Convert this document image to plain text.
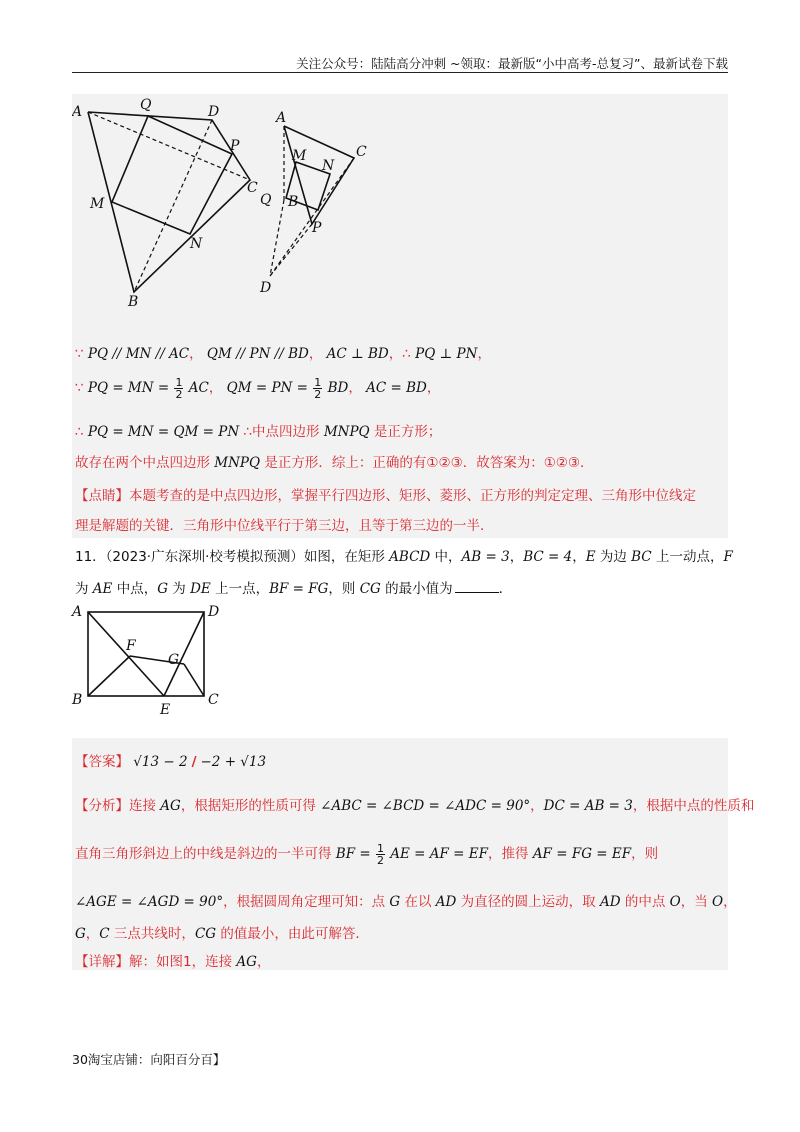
关注公众号：陆陆高分冲刺 ~领取：最新版“小中高考-总复习”、最新试卷下载
A	Q	D
P
C
M
N
B
A
M
N
C
Q B
P
D
∵ PQ // MN // AC， QM // PN // BD， AC ⊥ BD，∴ PQ ⊥ PN，
∵ PQ = MN = $\frac{1}{2}$ AC， QM = PN = $\frac{1}{2}$ BD， AC = BD，
∴ PQ = MN = QM = PN ∴中点四边形 MNPQ 是正方形；
故存在两个中点四边形 MNPQ 是正方形．综上：正确的有①②③．故答案为：①②③．
【点睛】本题考查的是中点四边形，掌握平行四边形、矩形、菱形、正方形的判定定理、三角形中位线定
理是解题的关键．三角形中位线平行于第三边，且等于第三边的一半．
11．（2023·广东深圳·校考模拟预测）如图，在矩形 ABCD 中，AB = 3，BC = 4，E 为边 BC 上一动点，F
为 AE 中点，G 为 DE 上一点，BF = FG，则 CG 的最小值为	．
A	D
F
G
B
E
C
【答案】 √13 − 2 / −2 + √13
【分析】连接 AG，根据矩形的性质可得 ∠ABC = ∠BCD = ∠ADC = 90°，DC = AB = 3，根据中点的性质和
直角三角形斜边上的中线是斜边的一半可得 BF = $\frac{1}{2}$ AE = AF = EF，推得 AF = FG = EF，则
∠AGE = ∠AGD = 90°，根据圆周角定理可知：点 G 在以 AD 为直径的圆上运动，取 AD 的中点 O，当 O，
G，C 三点共线时，CG 的值最小，由此可解答．
【详解】解：如图1，连接 AG，
30淘宝店铺：向阳百分百】
